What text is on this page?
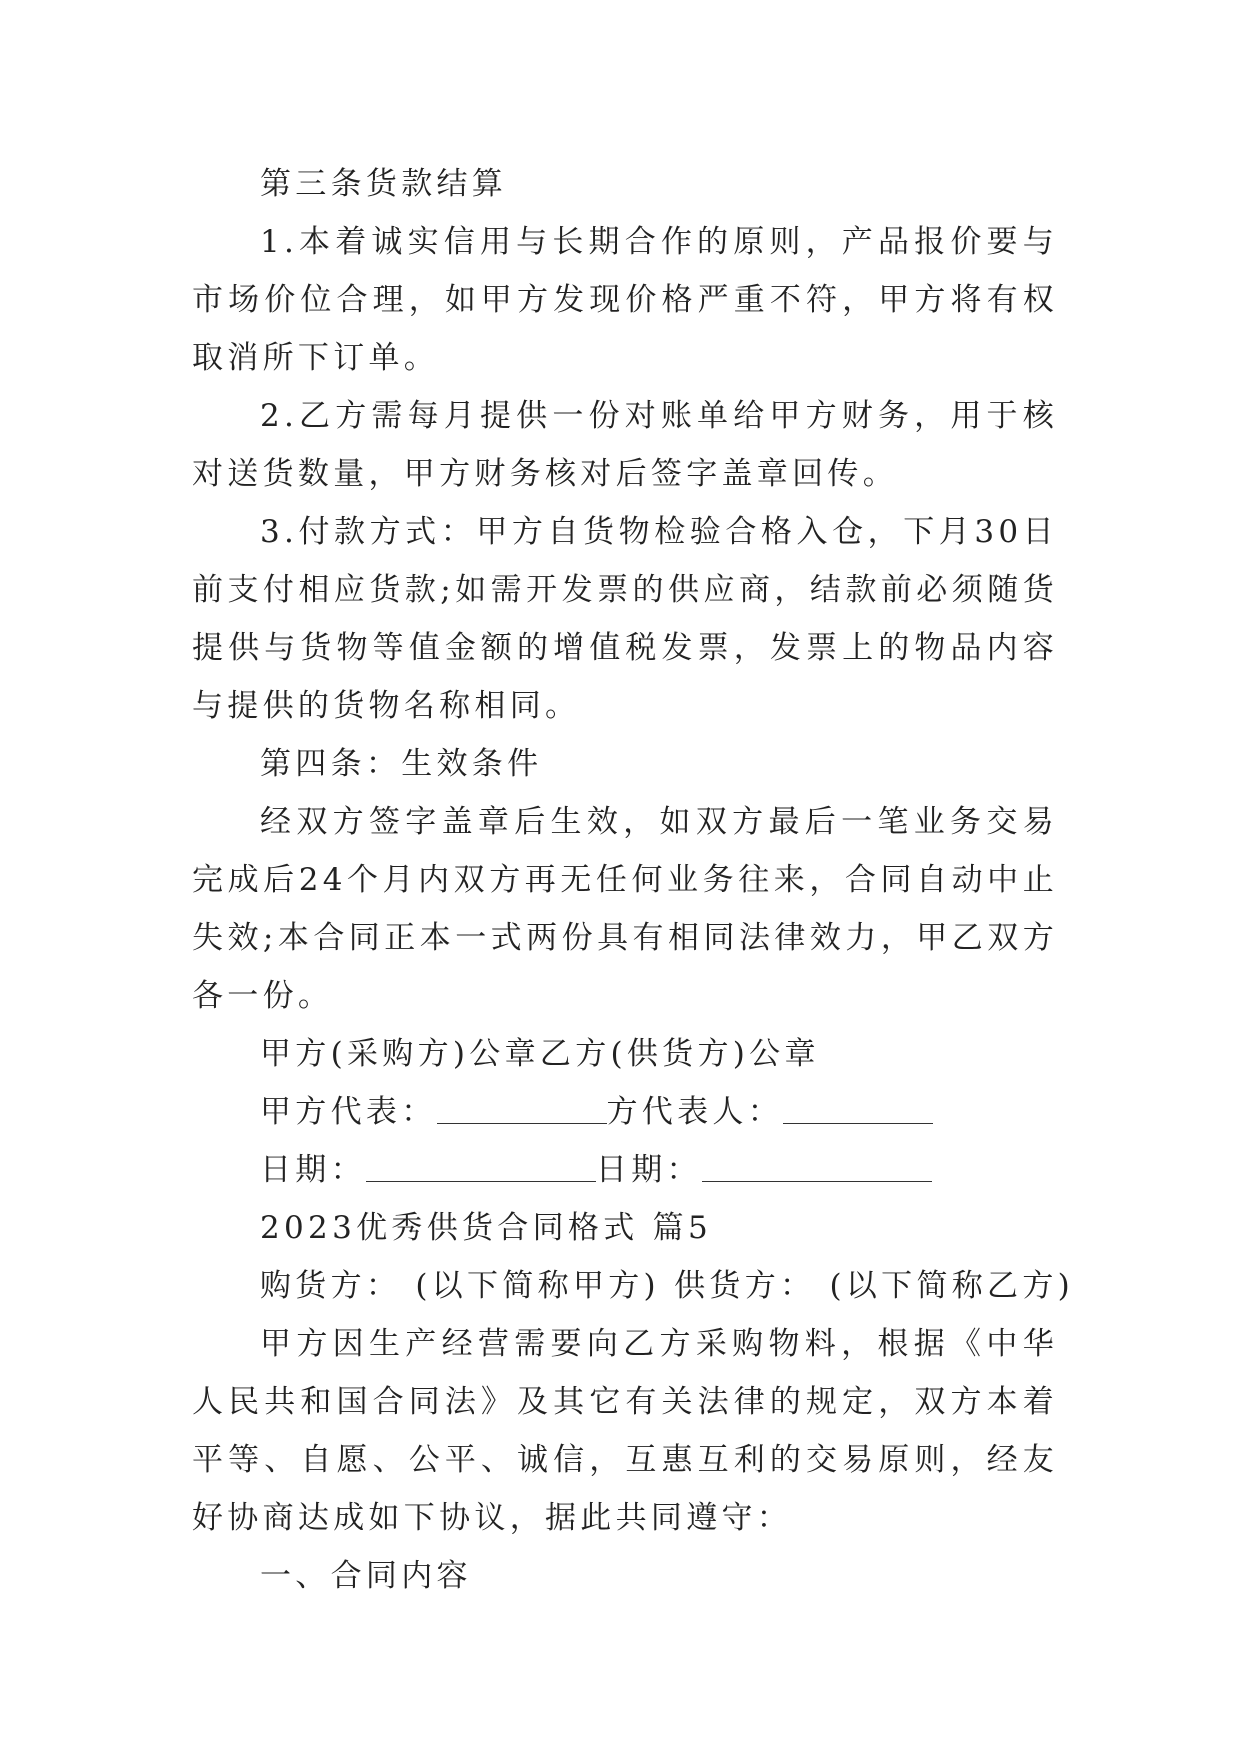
第三条货款结算

1.本着诚实信用与长期合作的原则，产品报价要与市场价位合理，如甲方发现价格严重不符，甲方将有权取消所下订单。

2.乙方需每月提供一份对账单给甲方财务，用于核对送货数量，甲方财务核对后签字盖章回传。

3.付款方式：甲方自货物检验合格入仓，下月30日前支付相应货款;如需开发票的供应商，结款前必须随货提供与货物等值金额的增值税发票，发票上的物品内容与提供的货物名称相同。

第四条：生效条件

经双方签字盖章后生效，如双方最后一笔业务交易完成后24个月内双方再无任何业务往来，合同自动中止失效;本合同正本一式两份具有相同法律效力，甲乙双方各一份。

甲方(采购方)公章乙方(供货方)公章

甲方代表：	方代表人：

日期：	日期：

2023优秀供货合同格式 篇5

购货方： (以下简称甲方) 供货方： (以下简称乙方)

甲方因生产经营需要向乙方采购物料，根据《中华人民共和国合同法》及其它有关法律的规定，双方本着平等、自愿、公平、诚信，互惠互利的交易原则，经友好协商达成如下协议，据此共同遵守：

一、合同内容
